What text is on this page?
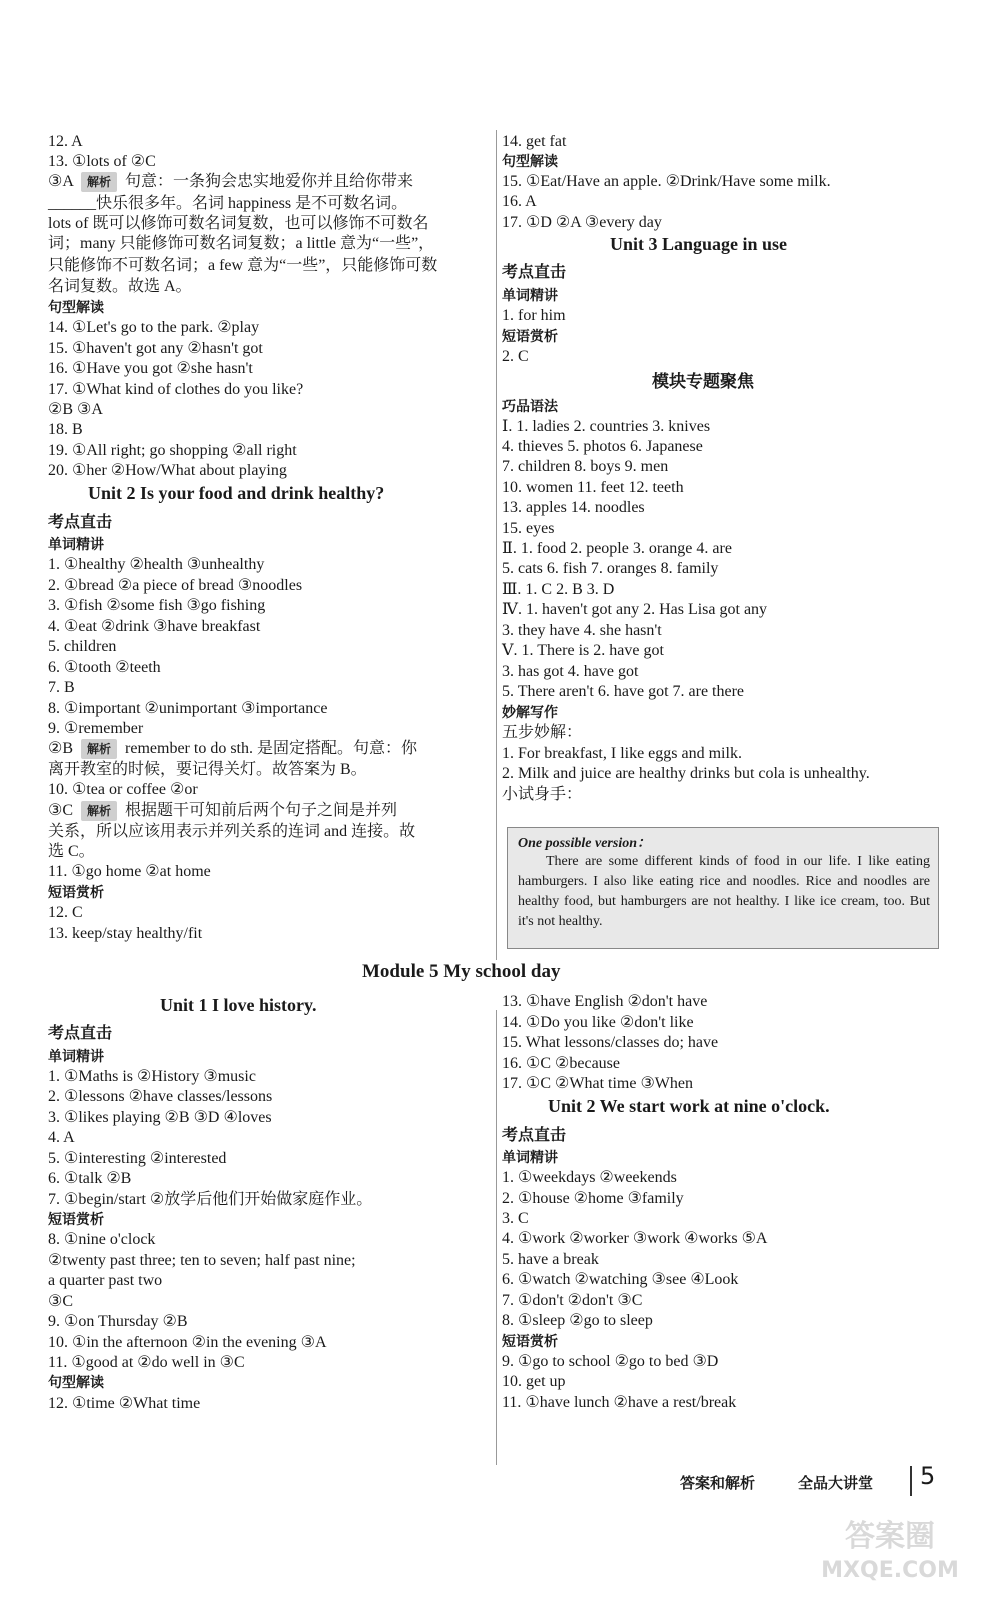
12. A
13. ①lots of ②C
③A 解析 句意：一条狗会忠实地爱你并且给你带来
______快乐很多年。名词 happiness 是不可数名词。
lots of 既可以修饰可数名词复数，也可以修饰不可数名
词；many 只能修饰可数名词复数；a little 意为“一些”，
只能修饰不可数名词；a few 意为“一些”，只能修饰可数
名词复数。故选 A。
句型解读
14. ①Let's go to the park. ②play
15. ①haven't got any ②hasn't got
16. ①Have you got ②she hasn't
17. ①What kind of clothes do you like?
②B ③A
18. B
19. ①All right; go shopping ②all right
20. ①her ②How/What about playing
Unit 2 Is your food and drink healthy?
考点直击
单词精讲
1. ①healthy ②health ③unhealthy
2. ①bread ②a piece of bread ③noodles
3. ①fish ②some fish ③go fishing
4. ①eat ②drink ③have breakfast
5. children
6. ①tooth ②teeth
7. B
8. ①important ②unimportant ③importance
9. ①remember
②B 解析 remember to do sth. 是固定搭配。句意：你
离开教室的时候，要记得关灯。故答案为 B。
10. ①tea or coffee ②or
③C 解析 根据题干可知前后两个句子之间是并列
关系，所以应该用表示并列关系的连词 and 连接。故
选 C。
11. ①go home ②at home
短语赏析
12. C
13. keep/stay healthy/fit
14. get fat
句型解读
15. ①Eat/Have an apple. ②Drink/Have some milk.
16. A
17. ①D ②A ③every day
Unit 3 Language in use
考点直击
单词精讲
1. for him
短语赏析
2. C
模块专题聚焦
巧品语法
Ⅰ. 1. ladies 2. countries 3. knives
4. thieves 5. photos 6. Japanese
7. children 8. boys 9. men
10. women 11. feet 12. teeth
13. apples 14. noodles
15. eyes
Ⅱ. 1. food 2. people 3. orange 4. are
5. cats 6. fish 7. oranges 8. family
Ⅲ. 1. C 2. B 3. D
Ⅳ. 1. haven't got any 2. Has Lisa got any
3. they have 4. she hasn't
Ⅴ. 1. There is 2. have got
3. has got 4. have got
5. There aren't 6. have got 7. are there
妙解写作
五步妙解：
1. For breakfast, I like eggs and milk.
2. Milk and juice are healthy drinks but cola is unhealthy.
小试身手：
One possible version：

There are some different kinds of food in our life. I like eating hamburgers. I also like eating rice and noodles. Rice and noodles are healthy food, but hamburgers are not healthy. I like ice cream, too. But it's not healthy.

Module 5 My school day
Unit 1 I love history.
考点直击
单词精讲
1. ①Maths is ②History ③music
2. ①lessons ②have classes/lessons
3. ①likes playing ②B ③D ④loves
4. A
5. ①interesting ②interested
6. ①talk ②B
7. ①begin/start ②放学后他们开始做家庭作业。
短语赏析
8. ①nine o'clock
②twenty past three; ten to seven; half past nine;
a quarter past two
③C
9. ①on Thursday ②B
10. ①in the afternoon ②in the evening ③A
11. ①good at ②do well in ③C
句型解读
12. ①time ②What time
13. ①have English ②don't have
14. ①Do you like ②don't like
15. What lessons/classes do; have
16. ①C ②because
17. ①C ②What time ③When
Unit 2 We start work at nine o'clock.
考点直击
单词精讲
1. ①weekdays ②weekends
2. ①house ②home ③family
3. C
4. ①work ②worker ③work ④works ⑤A
5. have a break
6. ①watch ②watching ③see ④Look
7. ①don't ②don't ③C
8. ①sleep ②go to sleep
短语赏析
9. ①go to school ②go to bed ③D
10. get up
11. ①have lunch ②have a rest/break
答案和解析	全品大讲堂 5
答案圈
MXQE.COM
